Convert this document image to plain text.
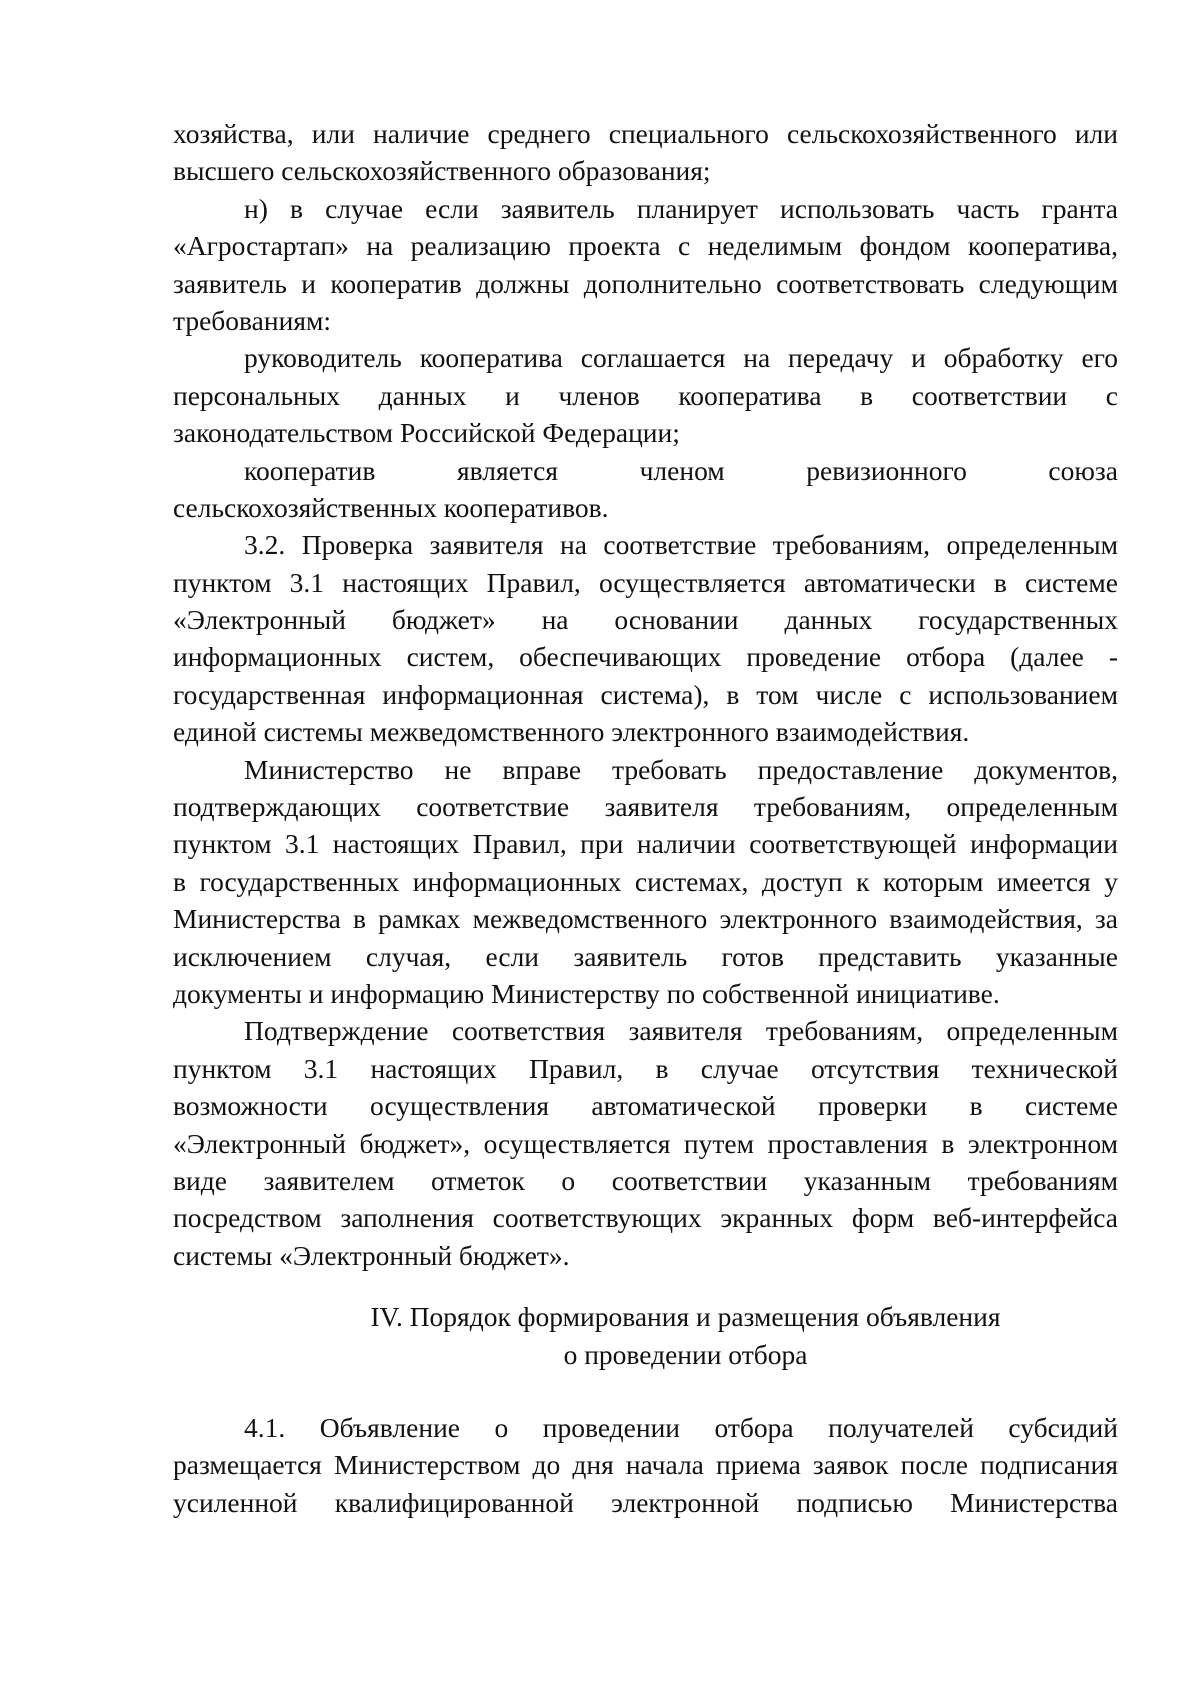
хозяйства, или наличие среднего специального сельскохозяйственного или
высшего сельскохозяйственного образования;
н) в случае если заявитель планирует использовать часть гранта
«Агростартап» на реализацию проекта с неделимым фондом кооператива,
заявитель и кооператив должны дополнительно соответствовать следующим
требованиям:
руководитель кооператива соглашается на передачу и обработку его
персональных данных и членов кооператива в соответствии с
законодательством Российской Федерации;
кооператив является членом ревизионного союза
сельскохозяйственных кооперативов.
3.2. Проверка заявителя на соответствие требованиям, определенным
пунктом 3.1 настоящих Правил, осуществляется автоматически в системе
«Электронный бюджет» на основании данных государственных
информационных систем, обеспечивающих проведение отбора (далее -
государственная информационная система), в том числе с использованием
единой системы межведомственного электронного взаимодействия.
Министерство не вправе требовать предоставление документов,
подтверждающих соответствие заявителя требованиям, определенным
пунктом 3.1 настоящих Правил, при наличии соответствующей информации
в государственных информационных системах, доступ к которым имеется у
Министерства в рамках межведомственного электронного взаимодействия, за
исключением случая, если заявитель готов представить указанные
документы и информацию Министерству по собственной инициативе.
Подтверждение соответствия заявителя требованиям, определенным
пунктом 3.1 настоящих Правил, в случае отсутствия технической
возможности осуществления автоматической проверки в системе
«Электронный бюджет», осуществляется путем проставления в электронном
виде заявителем отметок о соответствии указанным требованиям
посредством заполнения соответствующих экранных форм веб-интерфейса
системы «Электронный бюджет».
IV. Порядок формирования и размещения объявления
о проведении отбора
4.1. Объявление о проведении отбора получателей субсидий
размещается Министерством до дня начала приема заявок после подписания
усиленной квалифицированной электронной подписью Министерства
